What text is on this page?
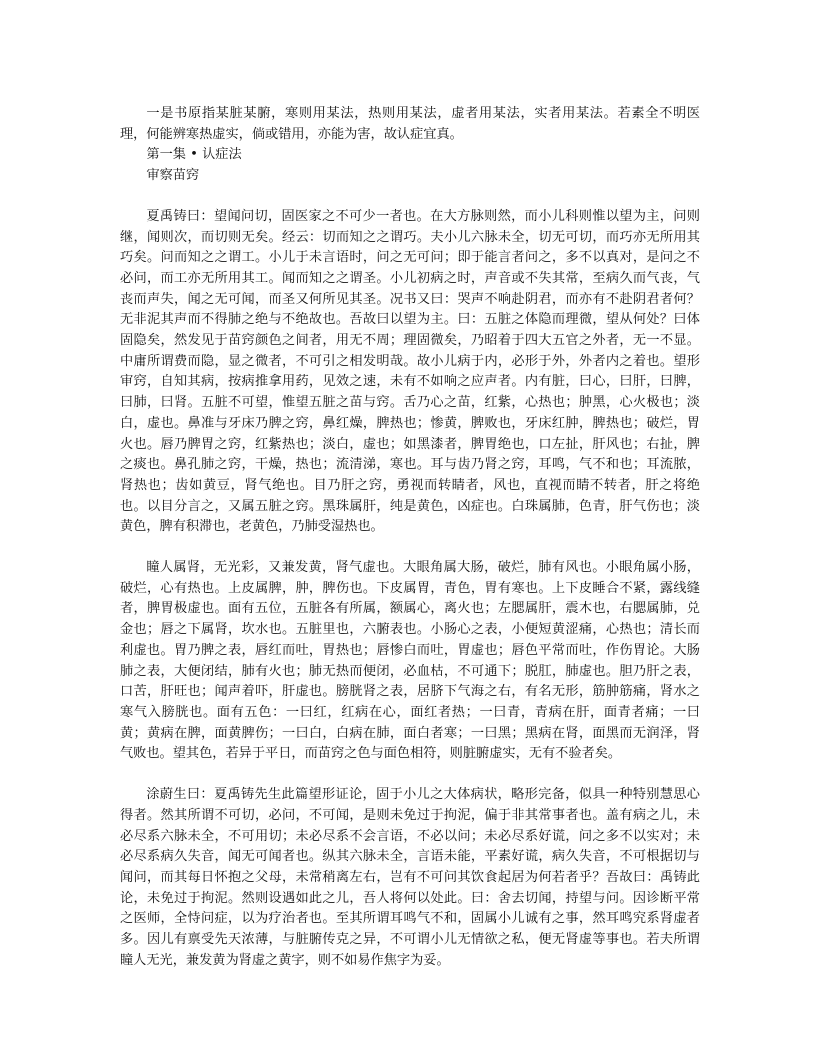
一是书原指某脏某腑，寒则用某法，热则用某法，虚者用某法，实者用某法。若素全不明医理，何能辨寒热虚实，倘或错用，亦能为害，故认症宜真。

第一集 • 认症法

审察苗窍

夏禹铸曰：望闻问切，固医家之不可少一者也。在大方脉则然，而小儿科则惟以望为主，问则继，闻则次，而切则无矣。经云：切而知之之谓巧。夫小儿六脉未全，切无可切，而巧亦无所用其巧矣。问而知之之谓工。小儿于未言语时，问之无可问；即于能言者问之，多不以真对，是问之不必问，而工亦无所用其工。闻而知之之谓圣。小儿初病之时，声音或不失其常，至病久而气丧，气丧而声失，闻之无可闻，而圣又何所见其圣。况书又曰：哭声不响赴阴君，而亦有不赴阴君者何？无非泥其声而不得肺之绝与不绝故也。吾故曰以望为主。曰：五脏之体隐而理微，望从何处？曰体固隐矣，然发见于苗窍颜色之间者，用无不周；理固微矣，乃昭着于四大五官之外者，无一不显。中庸所谓费而隐，显之微者，不可引之相发明哉。故小儿病于内，必形于外，外者内之着也。望形审窍，自知其病，按病推拿用药，见效之速，未有不如响之应声者。内有脏，曰心，曰肝，曰脾，曰肺，曰肾。五脏不可望，惟望五脏之苗与窍。舌乃心之苗，红紫，心热也；肿黑，心火极也；淡白，虚也。鼻准与牙床乃脾之窍，鼻红燥，脾热也；惨黄，脾败也，牙床红肿，脾热也；破烂，胃火也。唇乃脾胃之窍，红紫热也；淡白，虚也；如黑漆者，脾胃绝也，口左扯，肝风也；右扯，脾之痰也。鼻孔肺之窍，干燥，热也；流清涕，寒也。耳与齿乃肾之窍，耳鸣，气不和也；耳流脓，肾热也；齿如黄豆，肾气绝也。目乃肝之窍，勇视而转睛者，风也，直视而睛不转者，肝之将绝也。以目分言之，又属五脏之窍。黑珠属肝，纯是黄色，凶症也。白珠属肺，色青，肝气伤也；淡黄色，脾有积滞也，老黄色，乃肺受湿热也。

瞳人属肾，无光彩，又兼发黄，肾气虚也。大眼角属大肠，破烂，肺有风也。小眼角属小肠，破烂，心有热也。上皮属脾，肿，脾伤也。下皮属胃，青色，胃有寒也。上下皮睡合不紧，露线缝者，脾胃极虚也。面有五位，五脏各有所属，额属心，离火也；左腮属肝，震木也，右腮属肺，兑金也；唇之下属肾，坎水也。五脏里也，六腑表也。小肠心之表，小便短黄涩痛，心热也；清长而利虚也。胃乃脾之表，唇红而吐，胃热也；唇惨白而吐，胃虚也；唇色平常而吐，作伤胃论。大肠肺之表，大便闭结，肺有火也；肺无热而便闭，必血枯，不可通下；脱肛，肺虚也。胆乃肝之表，口苦，肝旺也；闻声着吓，肝虚也。膀胱肾之表，居脐下气海之右，有名无形，筋肿筋痛，肾水之寒气入膀胱也。面有五色：一曰红，红病在心，面红者热；一曰青，青病在肝，面青者痛；一曰黄；黄病在脾，面黄脾伤；一曰白，白病在肺，面白者寒；一曰黑；黑病在肾，面黑而无润泽，肾气败也。望其色，若异于平日，而苗窍之色与面色相符，则脏腑虚实，无有不验者矣。

涂蔚生曰：夏禹铸先生此篇望形证论，固于小儿之大体病状，略形完备，似具一种特别慧思心得者。然其所谓不可切，必问，不可闻，是则未免过于拘泥，偏于非其常事者也。盖有病之儿，未必尽系六脉未全，不可用切；未必尽系不会言语，不必以问；未必尽系好谎，问之多不以实对；未必尽系病久失音，闻无可闻者也。纵其六脉未全，言语未能，平素好谎，病久失音，不可根据切与闻问，而其每日怀抱之父母，未常稍离左右，岂有不可问其饮食起居为何若者乎？吾故曰：禹铸此论，未免过于拘泥。然则设遇如此之儿，吾人将何以处此。曰：舍去切闻，持望与问。因诊断平常之医师，全恃问症，以为疗治者也。至其所谓耳鸣气不和，固属小儿诚有之事，然耳鸣究系肾虚者多。因儿有禀受先天浓薄，与脏腑传克之异，不可谓小儿无情欲之私，便无肾虚等事也。若夫所谓瞳人无光，兼发黄为肾虚之黄字，则不如易作焦字为妥。
